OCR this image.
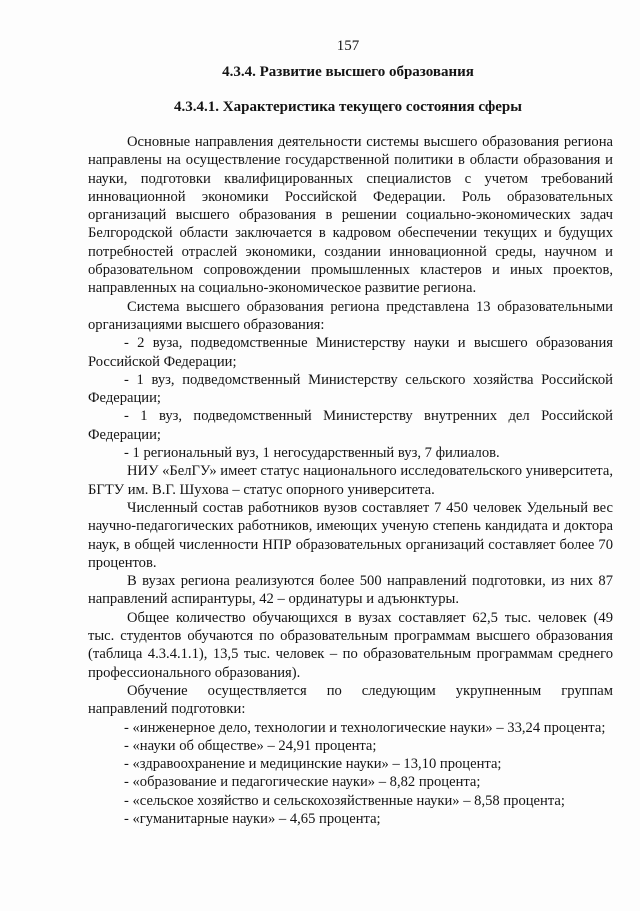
157
4.3.4. Развитие высшего образования
4.3.4.1. Характеристика текущего состояния сферы

Основные направления деятельности системы высшего образования региона направлены на осуществление государственной политики в области образования и науки, подготовки квалифицированных специалистов с учетом требований инновационной экономики Российской Федерации. Роль образовательных организаций высшего образования в решении социально-экономических задач Белгородской области заключается в кадровом обеспечении текущих и будущих потребностей отраслей экономики, создании инновационной среды, научном и образовательном сопровождении промышленных кластеров и иных проектов, направленных на социально-экономическое развитие региона.

Система высшего образования региона представлена 13 образовательными организациями высшего образования:

- 2 вуза, подведомственные Министерству науки и высшего образования Российской Федерации;

- 1 вуз, подведомственный Министерству сельского хозяйства Российской Федерации;

- 1 вуз, подведомственный Министерству внутренних дел Российской Федерации;

- 1 региональный вуз, 1 негосударственный вуз, 7 филиалов.

НИУ «БелГУ» имеет статус национального исследовательского университета, БГТУ им. В.Г. Шухова – статус опорного университета.

Численный состав работников вузов составляет 7 450 человек Удельный вес научно-педагогических работников, имеющих ученую степень кандидата и доктора наук, в общей численности НПР образовательных организаций составляет более 70 процентов.

В вузах региона реализуются более 500 направлений подготовки, из них 87 направлений аспирантуры, 42 – ординатуры и адъюнктуры.

Общее количество обучающихся в вузах составляет 62,5 тыс. человек (49 тыс. студентов обучаются по образовательным программам высшего образования (таблица 4.3.4.1.1), 13,5 тыс. человек – по образовательным программам среднего профессионального образования).

Обучение осуществляется по следующим укрупненным группам направлений подготовки:

- «инженерное дело, технологии и технологические науки» – 33,24 процента;

- «науки об обществе» – 24,91 процента;

- «здравоохранение и медицинские науки» – 13,10 процента;

- «образование и педагогические науки» – 8,82 процента;

- «сельское хозяйство и сельскохозяйственные науки» – 8,58 процента;

- «гуманитарные науки» – 4,65 процента;
